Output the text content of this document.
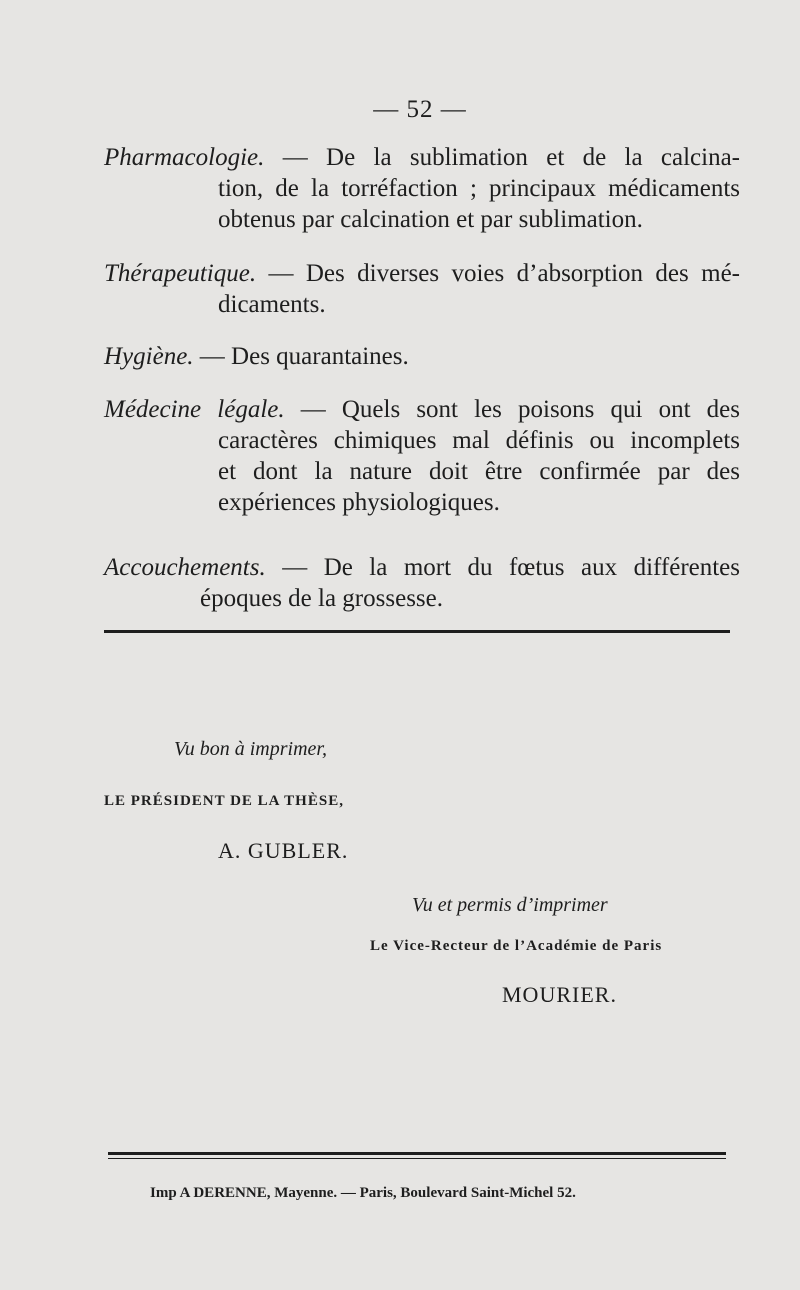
— 52 —
Pharmacologie. — De la sublimation et de la calcina-
tion, de la torréfaction ; principaux médicaments
obtenus par calcination et par sublimation.
Thérapeutique. — Des diverses voies d’absorption des mé-
dicaments.
Hygiène. — Des quarantaines.
Médecine légale. — Quels sont les poisons qui ont des
caractères chimiques mal définis ou incomplets
et dont la nature doit être confirmée par des
expériences physiologiques.
Accouchements. — De la mort du fœtus aux différentes
époques de la grossesse.
Vu bon à imprimer,
LE PRÉSIDENT DE LA THÈSE,
A. GUBLER.
Vu et permis d’imprimer
Le Vice-Recteur de l’Académie de Paris
MOURIER.
Imp A DERENNE, Mayenne. — Paris, Boulevard Saint-Michel 52.
